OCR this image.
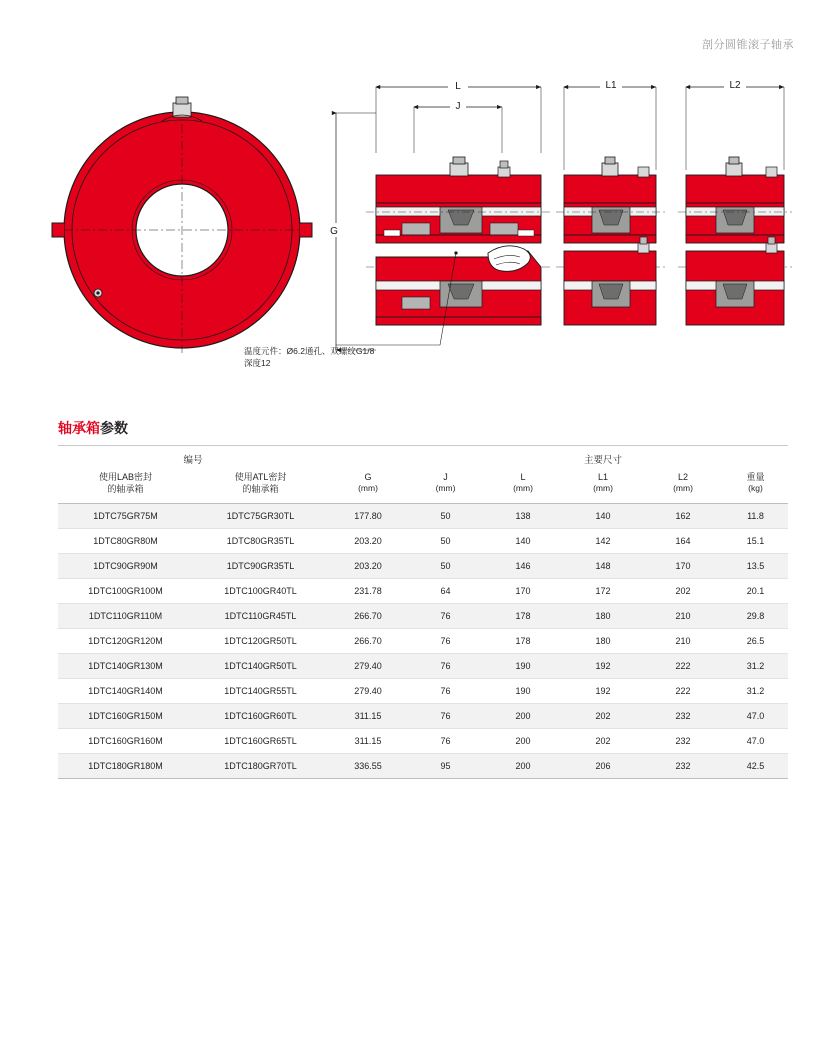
剖分圆锥滚子轴承
G
L
J
L1	L2
温度元件：Ø6.2通孔、双螺纹G1/8
深度12
轴承箱参数
编号				主要尺寸			
使用LAB密封
的轴承箱	使用ATL密封
的轴承箱	G
(mm)	J
(mm)	L
(mm)	L1
(mm)	L2
(mm)	重量
(kg)

1DTC75GR75M	1DTC75GR30TL	177.80	50	138	140	162	11.8
1DTC80GR80M	1DTC80GR35TL	203.20	50	140	142	164	15.1
1DTC90GR90M	1DTC90GR35TL	203.20	50	146	148	170	13.5
1DTC100GR100M	1DTC100GR40TL	231.78	64	170	172	202	20.1
1DTC110GR110M	1DTC110GR45TL	266.70	76	178	180	210	29.8
1DTC120GR120M	1DTC120GR50TL	266.70	76	178	180	210	26.5
1DTC140GR130M	1DTC140GR50TL	279.40	76	190	192	222	31.2
1DTC140GR140M	1DTC140GR55TL	279.40	76	190	192	222	31.2
1DTC160GR150M	1DTC160GR60TL	311.15	76	200	202	232	47.0
1DTC160GR160M	1DTC160GR65TL	311.15	76	200	202	232	47.0
1DTC180GR180M	1DTC180GR70TL	336.55	95	200	206	232	42.5
